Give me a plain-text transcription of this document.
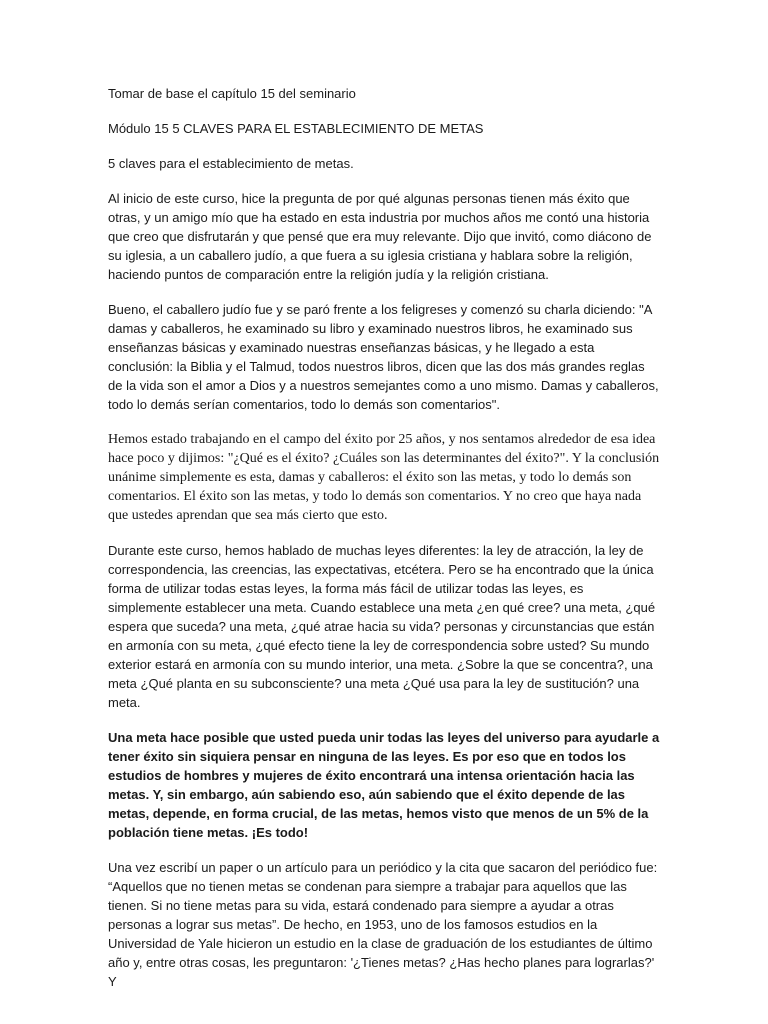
Tomar de base el capítulo 15 del seminario
Módulo 15 5 CLAVES PARA EL ESTABLECIMIENTO DE METAS
5 claves para el establecimiento de metas.

Al inicio de este curso, hice la pregunta de por qué algunas personas tienen más éxito que otras, y un amigo mío que ha estado en esta industria por muchos años me contó una historia que creo que disfrutarán y que pensé que era muy relevante. Dijo que invitó, como diácono de su iglesia, a un caballero judío, a que fuera a su iglesia cristiana y hablara sobre la religión, haciendo puntos de comparación entre la religión judía y la religión cristiana.

Bueno, el caballero judío fue y se paró frente a los feligreses y comenzó su charla diciendo: "A damas y caballeros, he examinado su libro y examinado nuestros libros, he examinado sus enseñanzas básicas y examinado nuestras enseñanzas básicas, y he llegado a esta conclusión: la Biblia y el Talmud, todos nuestros libros, dicen que las dos más grandes reglas de la vida son el amor a Dios y a nuestros semejantes como a uno mismo. Damas y caballeros, todo lo demás serían comentarios, todo lo demás son comentarios".

Hemos estado trabajando en el campo del éxito por 25 años, y nos sentamos alrededor de esa idea hace poco y dijimos: "¿Qué es el éxito? ¿Cuáles son las determinantes del éxito?". Y la conclusión unánime simplemente es esta, damas y caballeros: el éxito son las metas, y todo lo demás son comentarios. El éxito son las metas, y todo lo demás son comentarios. Y no creo que haya nada que ustedes aprendan que sea más cierto que esto.

Durante este curso, hemos hablado de muchas leyes diferentes: la ley de atracción, la ley de correspondencia, las creencias, las expectativas, etcétera. Pero se ha encontrado que la única forma de utilizar todas estas leyes, la forma más fácil de utilizar todas las leyes, es simplemente establecer una meta. Cuando establece una meta ¿en qué cree? una meta, ¿qué espera que suceda? una meta, ¿qué atrae hacia su vida? personas y circunstancias que están en armonía con su meta, ¿qué efecto tiene la ley de correspondencia sobre usted? Su mundo exterior estará en armonía con su mundo interior, una meta. ¿Sobre la que se concentra?, una meta ¿Qué planta en su subconsciente? una meta ¿Qué usa para la ley de sustitución? una meta.

Una meta hace posible que usted pueda unir todas las leyes del universo para ayudarle a tener éxito sin siquiera pensar en ninguna de las leyes. Es por eso que en todos los estudios de hombres y mujeres de éxito encontrará una intensa orientación hacia las metas. Y, sin embargo, aún sabiendo eso, aún sabiendo que el éxito depende de las metas, depende, en forma crucial, de las metas, hemos visto que menos de un 5% de la población tiene metas. ¡Es todo!

Una vez escribí un paper o un artículo para un periódico y la cita que sacaron del periódico fue: “Aquellos que no tienen metas se condenan para siempre a trabajar para aquellos que las tienen. Si no tiene metas para su vida, estará condenado para siempre a ayudar a otras personas a lograr sus metas”. De hecho, en 1953, uno de los famosos estudios en la Universidad de Yale hicieron un estudio en la clase de graduación de los estudiantes de último año y, entre otras cosas, les preguntaron: '¿Tienes metas? ¿Has hecho planes para lograrlas?' Y
